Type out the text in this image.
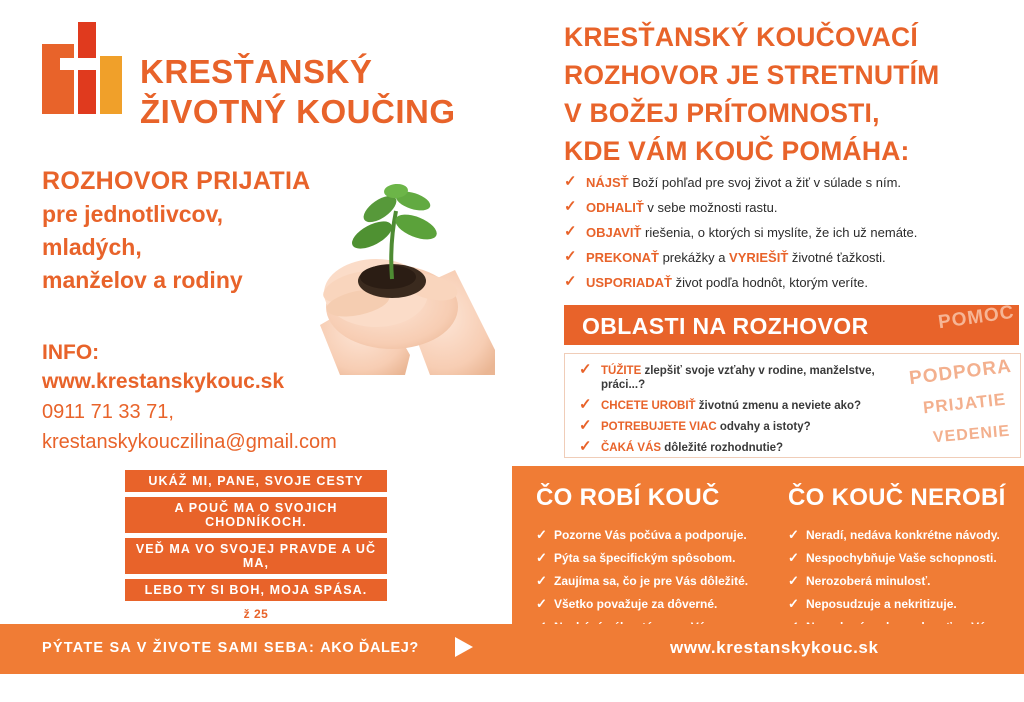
KRESŤANSKÝ
ŽIVOTNÝ KOUČING
ROZHOVOR PRIJATIA
pre jednotlivcov,
mladých,
manželov a rodiny
INFO:
www.krestanskykouc.sk
0911 71 33 71,
krestanskykouczilina@gmail.com
UKÁŽ MI, PANE, SVOJE CESTY
A POUČ MA O SVOJICH CHODNÍKOCH.
VEĎ MA VO SVOJEJ PRAVDE A UČ MA,
LEBO TY SI BOH, MOJA SPÁSA.
ž 25
KRESŤANSKÝ KOUČOVACÍ
ROZHOVOR JE STRETNUTÍM
V BOŽEJ PRÍTOMNOSTI,
KDE VÁM KOUČ POMÁHA:
✓ NÁJSŤ Boží pohľad pre svoj život a žiť v súlade s ním.
✓ ODHALIŤ v sebe možnosti rastu.
✓ OBJAVIŤ riešenia, o ktorých si myslíte, že ich už nemáte.
✓ PREKONAŤ prekážky a VYRIEŠIŤ životné ťažkosti.
✓ USPORIADAŤ život podľa hodnôt, ktorým veríte.
OBLASTI NA ROZHOVOR	POMOC
PODPORA
PRIJATIE
VEDENIE
✓ TÚŽITE zlepšiť svoje vzťahy v rodine, manželstve, práci...?
✓ CHCETE UROBIŤ životnú zmenu a neviete ako?
✓ POTREBUJETE VIAC odvahy a istoty?
✓ ČAKÁ VÁS dôležité rozhodnutie?
ČO ROBÍ KOUČ	ČO KOUČ NEROBÍ
✓ Pozorne Vás počúva a podporuje.
✓ Pýta sa špecifickým spôsobom.
✓ Zaujíma sa, čo je pre Vás dôležité.
✓ Všetko považuje za dôverné.
✓ Neradí, nedáva konkrétne návody.
✓ Nespochybňuje Vaše schopnosti.
✓ Nerozoberá minulosť.
✓ Neposudzuje a nekritizuje.
PÝTATE SA V ŽIVOTE SAMI SEBA: AKO ĎALEJ?	www.krestanskykouc.sk
